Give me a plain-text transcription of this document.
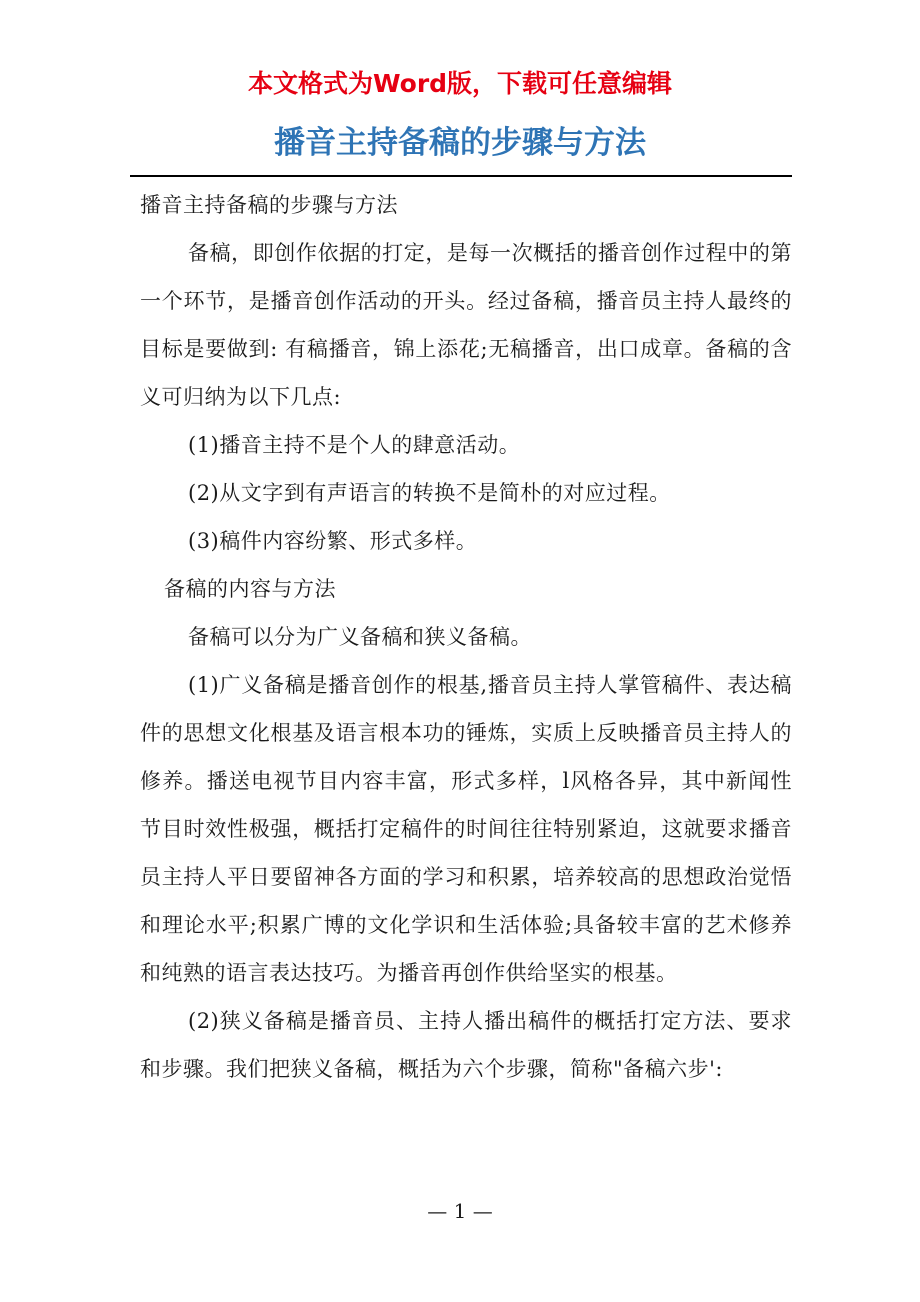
本文格式为Word版，下载可任意编辑
播音主持备稿的步骤与方法

播音主持备稿的步骤与方法

备稿，即创作依据的打定，是每一次概括的播音创作过程中的第一个环节，是播音创作活动的开头。经过备稿，播音员主持人最终的目标是要做到: 有稿播音，锦上添花;无稿播音，出口成章。备稿的含义可归纳为以下几点:

(1)播音主持不是个人的肆意活动。

(2)从文字到有声语言的转换不是简朴的对应过程。

(3)稿件内容纷繁、形式多样。

备稿的内容与方法

备稿可以分为广义备稿和狭义备稿。

(1)广义备稿是播音创作的根基,播音员主持人掌管稿件、表达稿件的思想文化根基及语言根本功的锤炼，实质上反映播音员主持人的修养。播送电视节目内容丰富，形式多样，l风格各异，其中新闻性节目时效性极强，概括打定稿件的时间往往特别紧迫，这就要求播音员主持人平日要留神各方面的学习和积累，培养较高的思想政治觉悟和理论水平;积累广博的文化学识和生活体验;具备较丰富的艺术修养和纯熟的语言表达技巧。为播音再创作供给坚实的根基。

(2)狭义备稿是播音员、主持人播出稿件的概括打定方法、要求和步骤。我们把狭义备稿，概括为六个步骤，简称"备稿六步':

— 1 —
